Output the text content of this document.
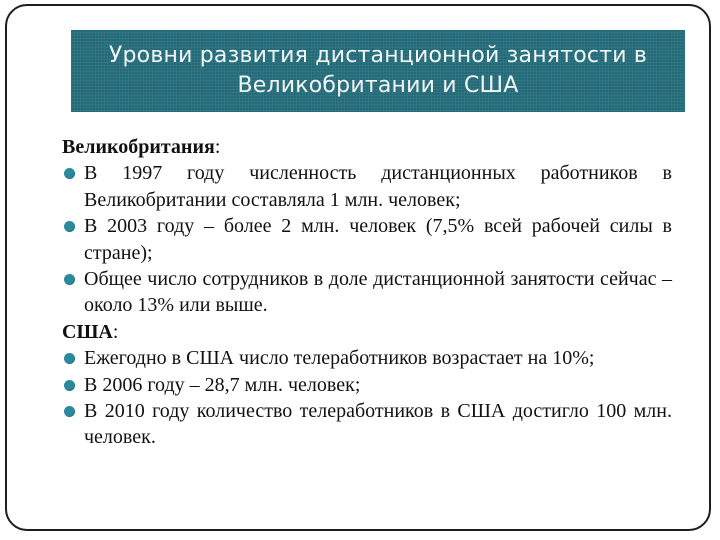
Уровни развития дистанционной занятости в Великобритании и США
Великобритания:
В 1997 году численность дистанционных работников в Великобритании составляла 1 млн. человек;
В 2003 году – более 2 млн. человек (7,5% всей рабочей силы в стране);
Общее число сотрудников в доле дистанционной занятости сейчас – около 13% или выше.
США:
Ежегодно в США число телеработников возрастает на 10%;
В 2006 году – 28,7 млн. человек;
В 2010 году количество телеработников в США достигло 100 млн. человек.
